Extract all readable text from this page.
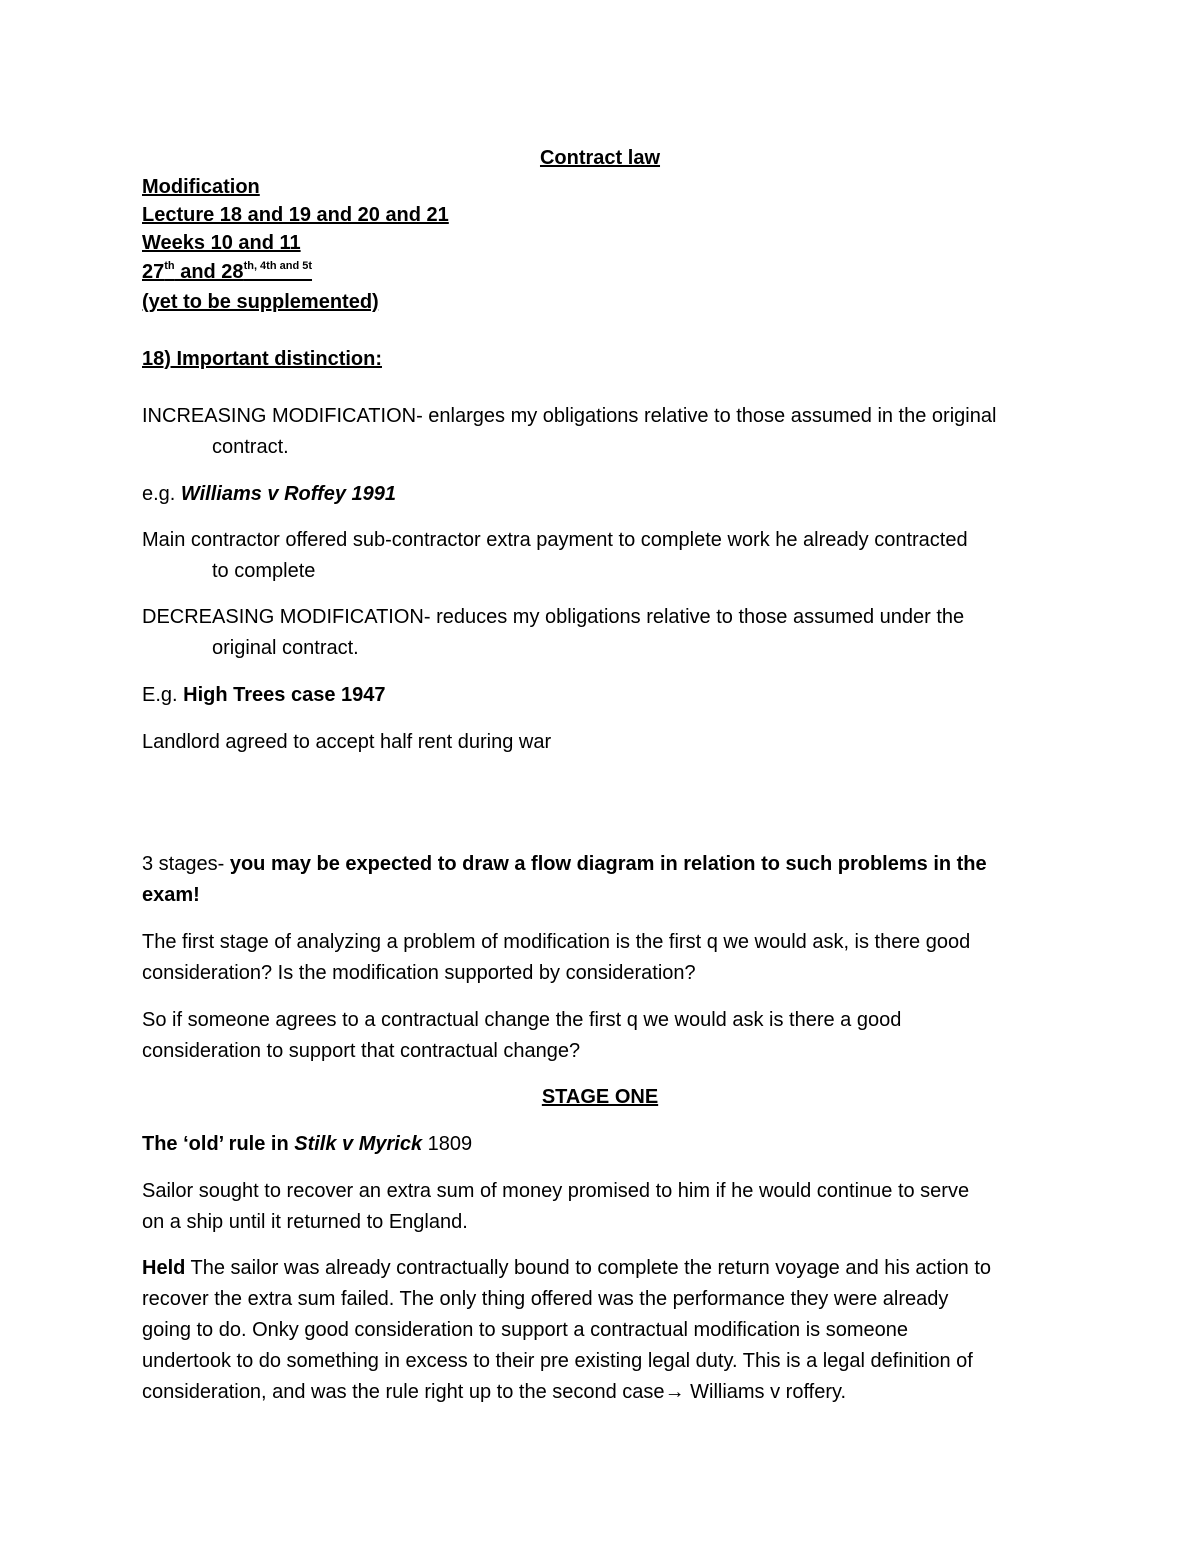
Contract law
Modification
Lecture 18 and 19 and 20 and 21
Weeks 10 and 11
27th and $28^{th, 4th and 5t}$
(yet to be supplemented)
18) Important distinction:
INCREASING MODIFICATION- enlarges my obligations relative to those assumed in the original
contract.
e.g. Williams v Roffey 1991
Main contractor offered sub-contractor extra payment to complete work he already contracted
to complete
DECREASING MODIFICATION- reduces my obligations relative to those assumed under the
original contract.
E.g. High Trees case 1947
Landlord agreed to accept half rent during war
3 stages- you may be expected to draw a flow diagram in relation to such problems in the
exam!
The first stage of analyzing a problem of modification is the first q we would ask, is there good
consideration? Is the modification supported by consideration?
So if someone agrees to a contractual change the first q we would ask is there a good
consideration to support that contractual change?
STAGE ONE
The ‘old’ rule in Stilk v Myrick 1809
Sailor sought to recover an extra sum of money promised to him if he would continue to serve
on a ship until it returned to England.
Held The sailor was already contractually bound to complete the return voyage and his action to
recover the extra sum failed. The only thing offered was the performance they were already
going to do. Onky good consideration to support a contractual modification is someone
undertook to do something in excess to their pre existing legal duty. This is a legal definition of
consideration, and was the rule right up to the second case→ Williams v roffery.
